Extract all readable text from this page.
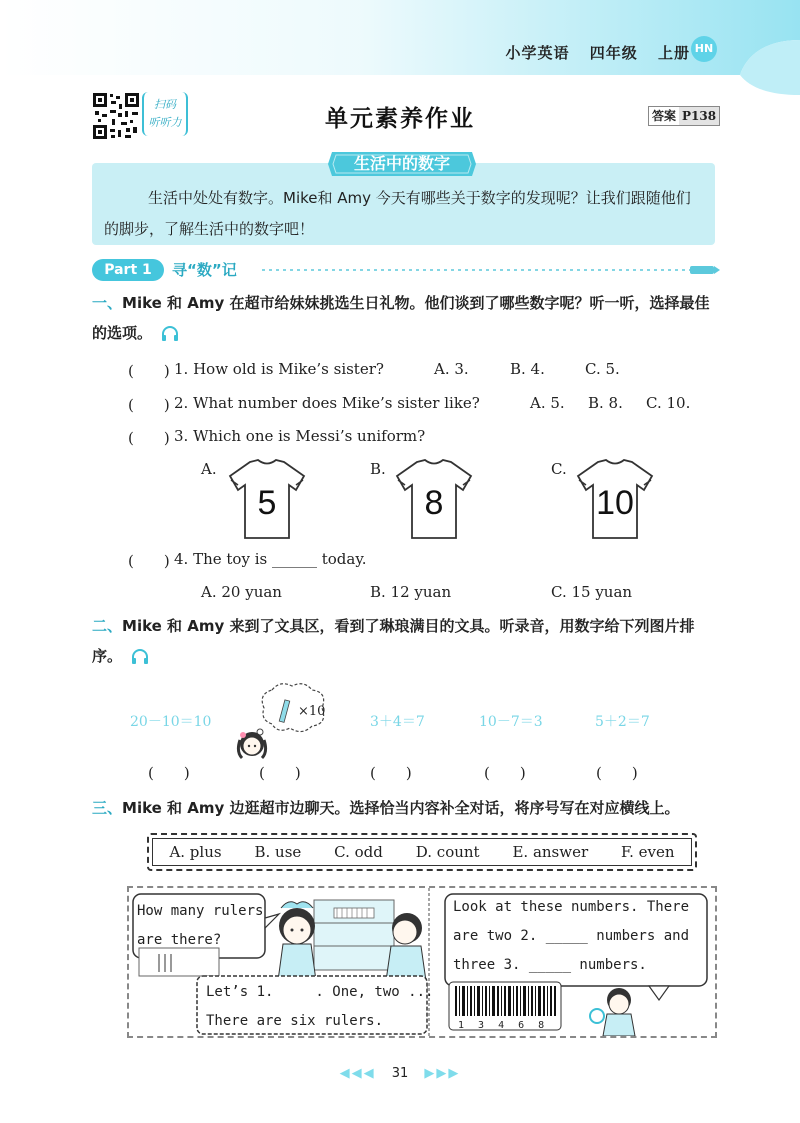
小学英语 四年级 上册 HN
扫码
听听力	单元素养作业	答案 P138
生活中的数字
生活中处处有数字。Mike和 Amy 今天有哪些关于数字的发现呢？让我们跟随他们的脚步，了解生活中的数字吧！
Part 1	寻“数”记
一、Mike 和 Amy 在超市给妹妹挑选生日礼物。他们谈到了哪些数字呢？听一听，选择最佳的选项。
(　　) 1. How old is Mike’s sister?	A. 3.	B. 4.	C. 5.
(　　) 2. What number does Mike’s sister like?	A. 5. B. 8. C. 10.
(　　) 3. Which one is Messi’s uniform?
A.
5
B.
8
C.
10
(　　) 4. The toy is ______ today.
A. 20 yuan	B. 12 yuan	C. 15 yuan
二、Mike 和 Amy 来到了文具区，看到了琳琅满目的文具。听录音，用数字给下列图片排序。
20－10＝10
×10
3＋4＝7	10－7＝3	5＋2＝7
(　　)	(　　)	(　　)	(　　)	(　　)
三、Mike 和 Amy 边逛超市边聊天。选择恰当内容补全对话，将序号写在对应横线上。
A. plus B. use C. odd D. count E. answer F. even
How many rulers
are there?
Let’s 1.　　　. One, two ...
There are six rulers.
Look at these numbers. There
are two 2. _____ numbers and
three 3. _____ numbers.
1 3 4 6 8
◀◀◀ 31 ▶▶▶
